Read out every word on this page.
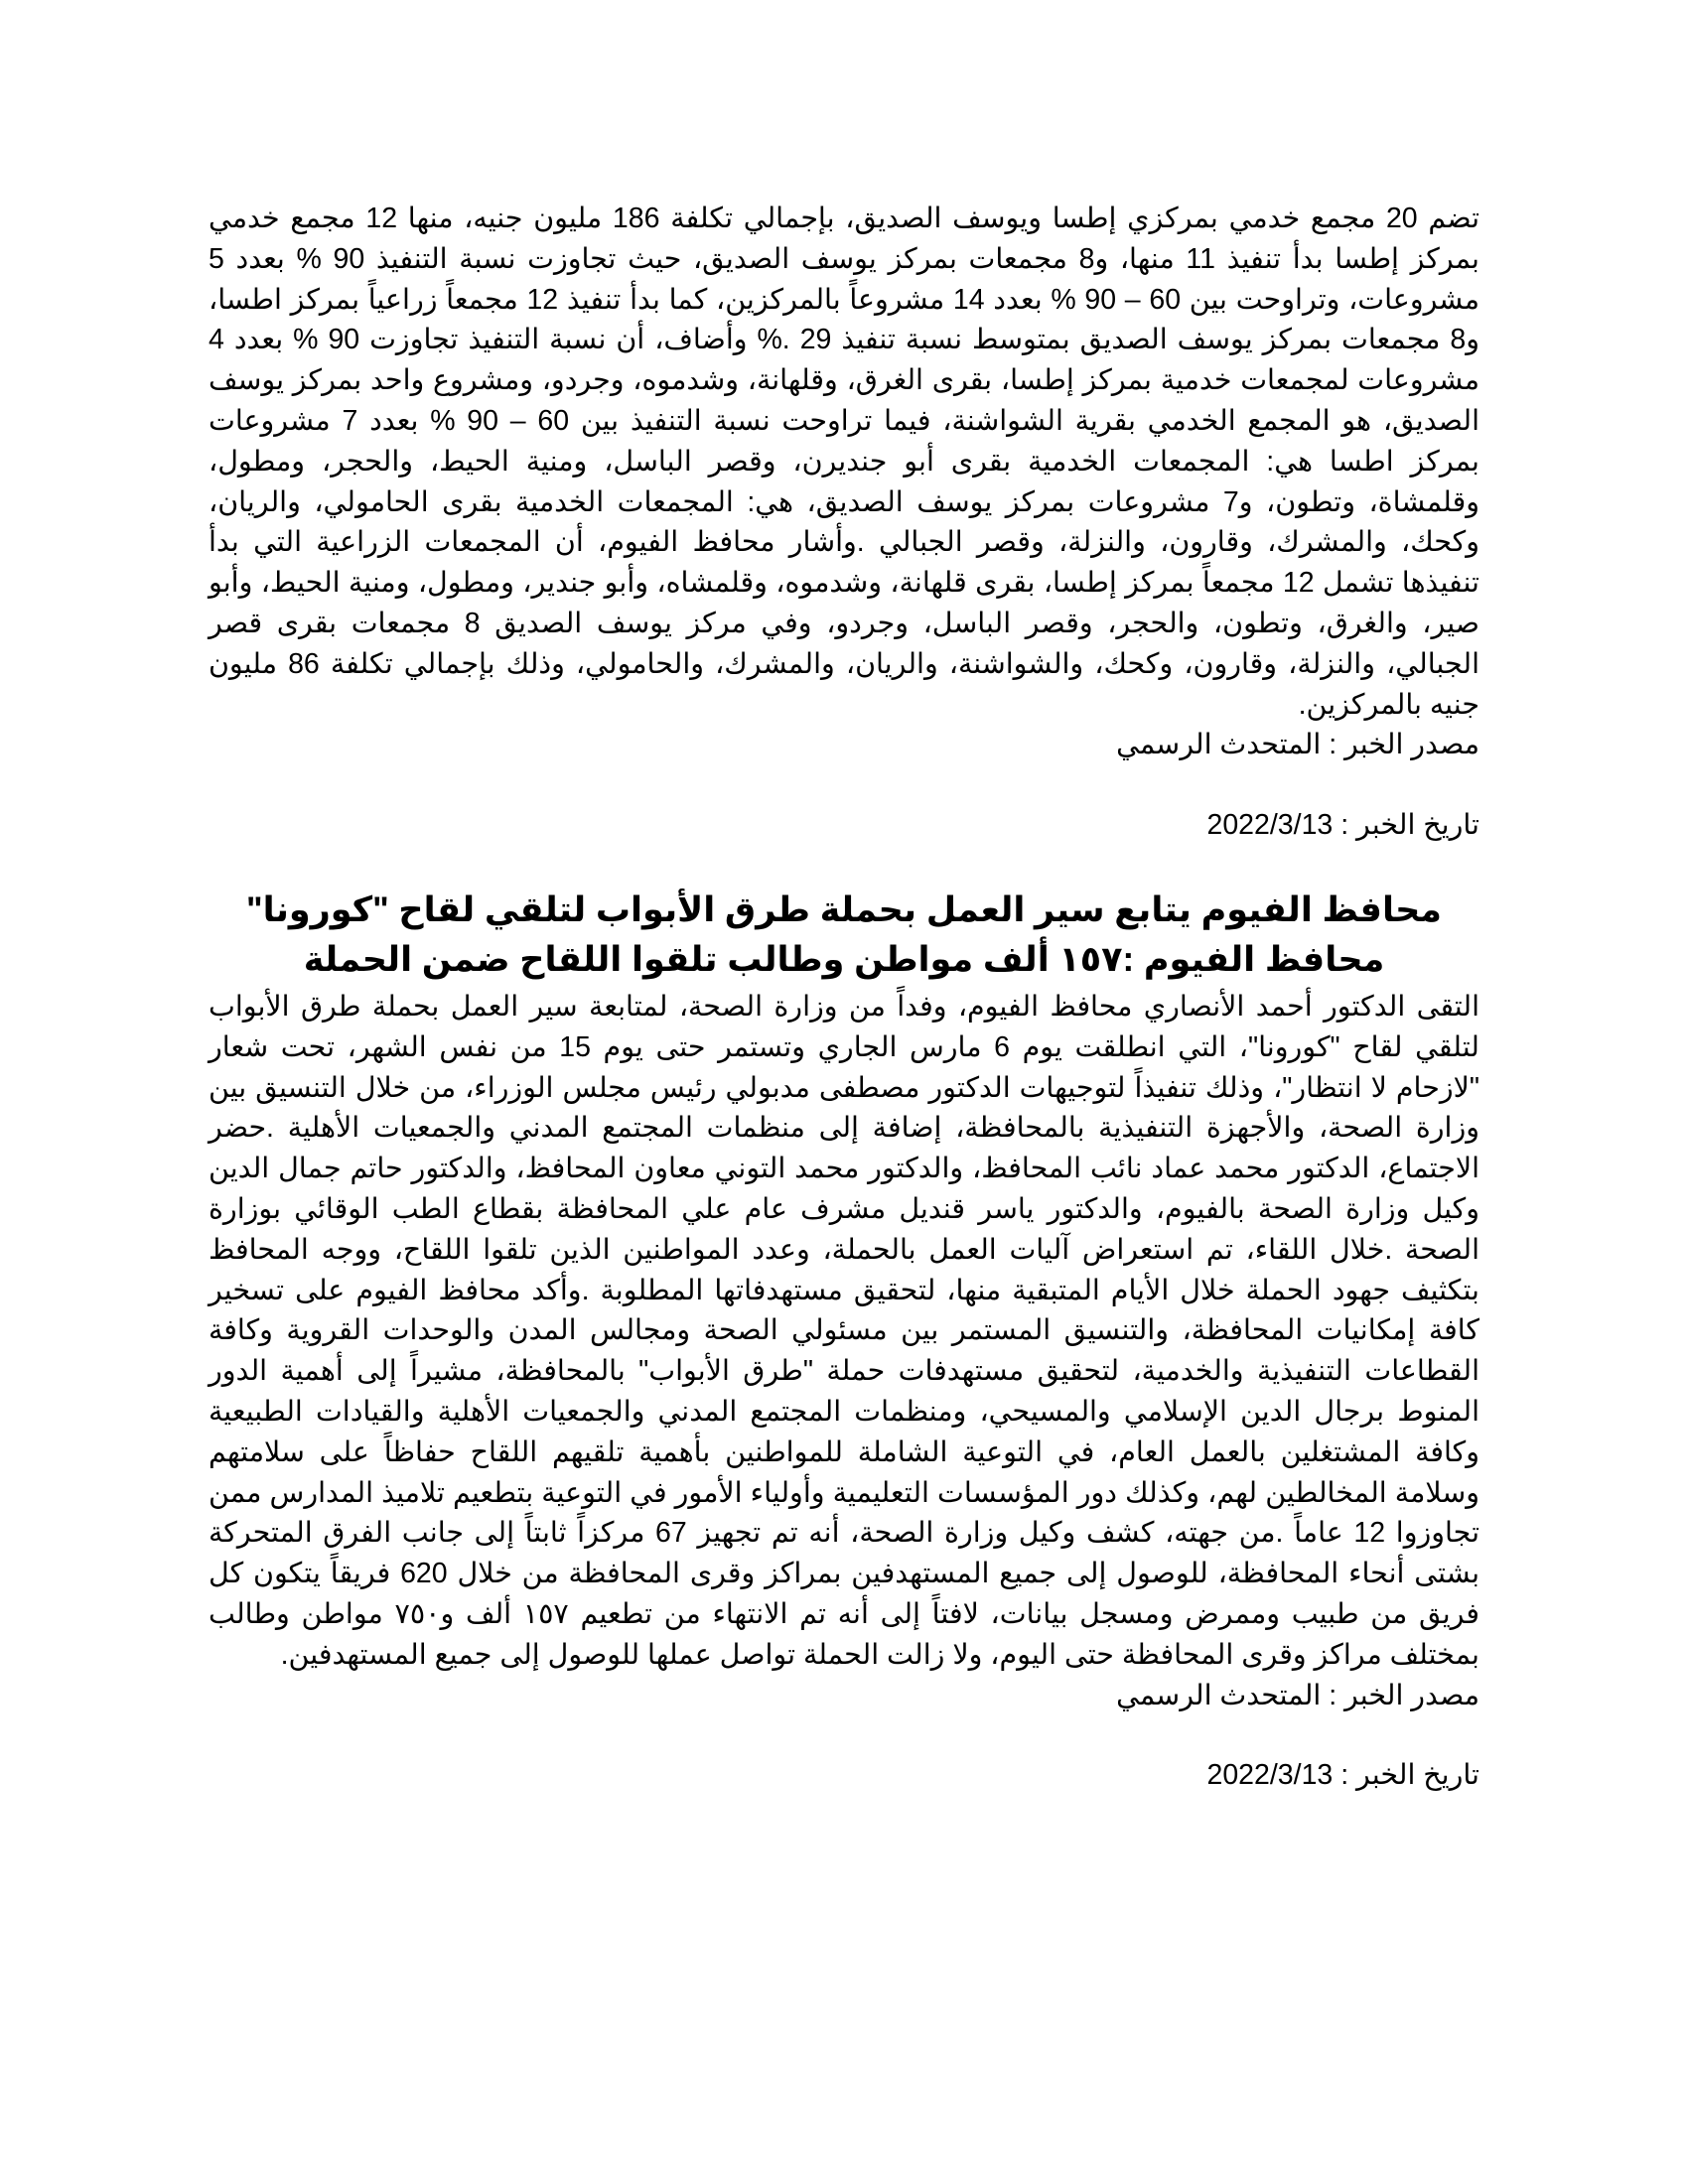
تضم 20 مجمع خدمي بمركزي إطسا ويوسف الصديق، بإجمالي تكلفة 186 مليون جنيه، منها 12 مجمع خدمي بمركز إطسا بدأ تنفيذ 11 منها، و8 مجمعات بمركز يوسف الصديق، حيث تجاوزت نسبة التنفيذ 90 % بعدد 5 مشروعات، وتراوحت بين 60 – 90 % بعدد 14 مشروعاً بالمركزين، كما بدأ تنفيذ 12 مجمعاً زراعياً بمركز اطسا، و8 مجمعات بمركز يوسف الصديق بمتوسط نسبة تنفيذ 29 .% وأضاف، أن نسبة التنفيذ تجاوزت 90 % بعدد 4 مشروعات لمجمعات خدمية بمركز إطسا، بقرى الغرق، وقلهانة، وشدموه، وجردو، ومشروع واحد بمركز يوسف الصديق، هو المجمع الخدمي بقرية الشواشنة، فيما تراوحت نسبة التنفيذ بين 60 – 90 % بعدد 7 مشروعات بمركز اطسا هي: المجمعات الخدمية بقرى أبو جنديرن، وقصر الباسل، ومنية الحيط، والحجر، ومطول، وقلمشاة، وتطون، و7 مشروعات بمركز يوسف الصديق، هي: المجمعات الخدمية بقرى الحامولي، والريان، وكحك، والمشرك، وقارون، والنزلة، وقصر الجبالي .وأشار محافظ الفيوم، أن المجمعات الزراعية التي بدأ تنفيذها تشمل 12 مجمعاً بمركز إطسا، بقرى قلهانة، وشدموه، وقلمشاه، وأبو جندير، ومطول، ومنية الحيط، وأبو صير، والغرق، وتطون، والحجر، وقصر الباسل، وجردو، وفي مركز يوسف الصديق 8 مجمعات بقرى قصر الجبالي، والنزلة، وقارون، وكحك، والشواشنة، والريان، والمشرك، والحامولي، وذلك بإجمالي تكلفة 86 مليون جنيه بالمركزين.

مصدر الخبر : المتحدث الرسمي

تاريخ الخبر : 2022/3/13

محافظ الفيوم يتابع سير العمل بحملة طرق الأبواب لتلقي لقاح "كورونا"
محافظ الفيوم :١٥٧ ألف مواطن وطالب تلقوا اللقاح ضمن الحملة

التقى الدكتور أحمد الأنصاري محافظ الفيوم، وفداً من وزارة الصحة، لمتابعة سير العمل بحملة طرق الأبواب لتلقي لقاح "كورونا"، التي انطلقت يوم 6 مارس الجاري وتستمر حتى يوم 15 من نفس الشهر، تحت شعار "لازحام لا انتظار"، وذلك تنفيذاً لتوجيهات الدكتور مصطفى مدبولي رئيس مجلس الوزراء، من خلال التنسيق بين وزارة الصحة، والأجهزة التنفيذية بالمحافظة، إضافة إلى منظمات المجتمع المدني والجمعيات الأهلية .حضر الاجتماع، الدكتور محمد عماد نائب المحافظ، والدكتور محمد التوني معاون المحافظ، والدكتور حاتم جمال الدين وكيل وزارة الصحة بالفيوم، والدكتور ياسر قنديل مشرف عام علي المحافظة بقطاع الطب الوقائي بوزارة الصحة .خلال اللقاء، تم استعراض آليات العمل بالحملة، وعدد المواطنين الذين تلقوا اللقاح، ووجه المحافظ بتكثيف جهود الحملة خلال الأيام المتبقية منها، لتحقيق مستهدفاتها المطلوبة .وأكد محافظ الفيوم على تسخير كافة إمكانيات المحافظة، والتنسيق المستمر بين مسئولي الصحة ومجالس المدن والوحدات القروية وكافة القطاعات التنفيذية والخدمية، لتحقيق مستهدفات حملة "طرق الأبواب" بالمحافظة، مشيراً إلى أهمية الدور المنوط برجال الدين الإسلامي والمسيحي، ومنظمات المجتمع المدني والجمعيات الأهلية والقيادات الطبيعية وكافة المشتغلين بالعمل العام، في التوعية الشاملة للمواطنين بأهمية تلقيهم اللقاح حفاظاً على سلامتهم وسلامة المخالطين لهم، وكذلك دور المؤسسات التعليمية وأولياء الأمور في التوعية بتطعيم تلاميذ المدارس ممن تجاوزوا 12 عاماً .من جهته، كشف وكيل وزارة الصحة، أنه تم تجهيز 67 مركزاً ثابتاً إلى جانب الفرق المتحركة بشتى أنحاء المحافظة، للوصول إلى جميع المستهدفين بمراكز وقرى المحافظة من خلال 620 فريقاً يتكون كل فريق من طبيب وممرض ومسجل بيانات، لافتاً إلى أنه تم الانتهاء من تطعيم ١٥٧ ألف و٧٥٠ مواطن وطالب بمختلف مراكز وقرى المحافظة حتى اليوم، ولا زالت الحملة تواصل عملها للوصول إلى جميع المستهدفين.

مصدر الخبر : المتحدث الرسمي

تاريخ الخبر : 2022/3/13
